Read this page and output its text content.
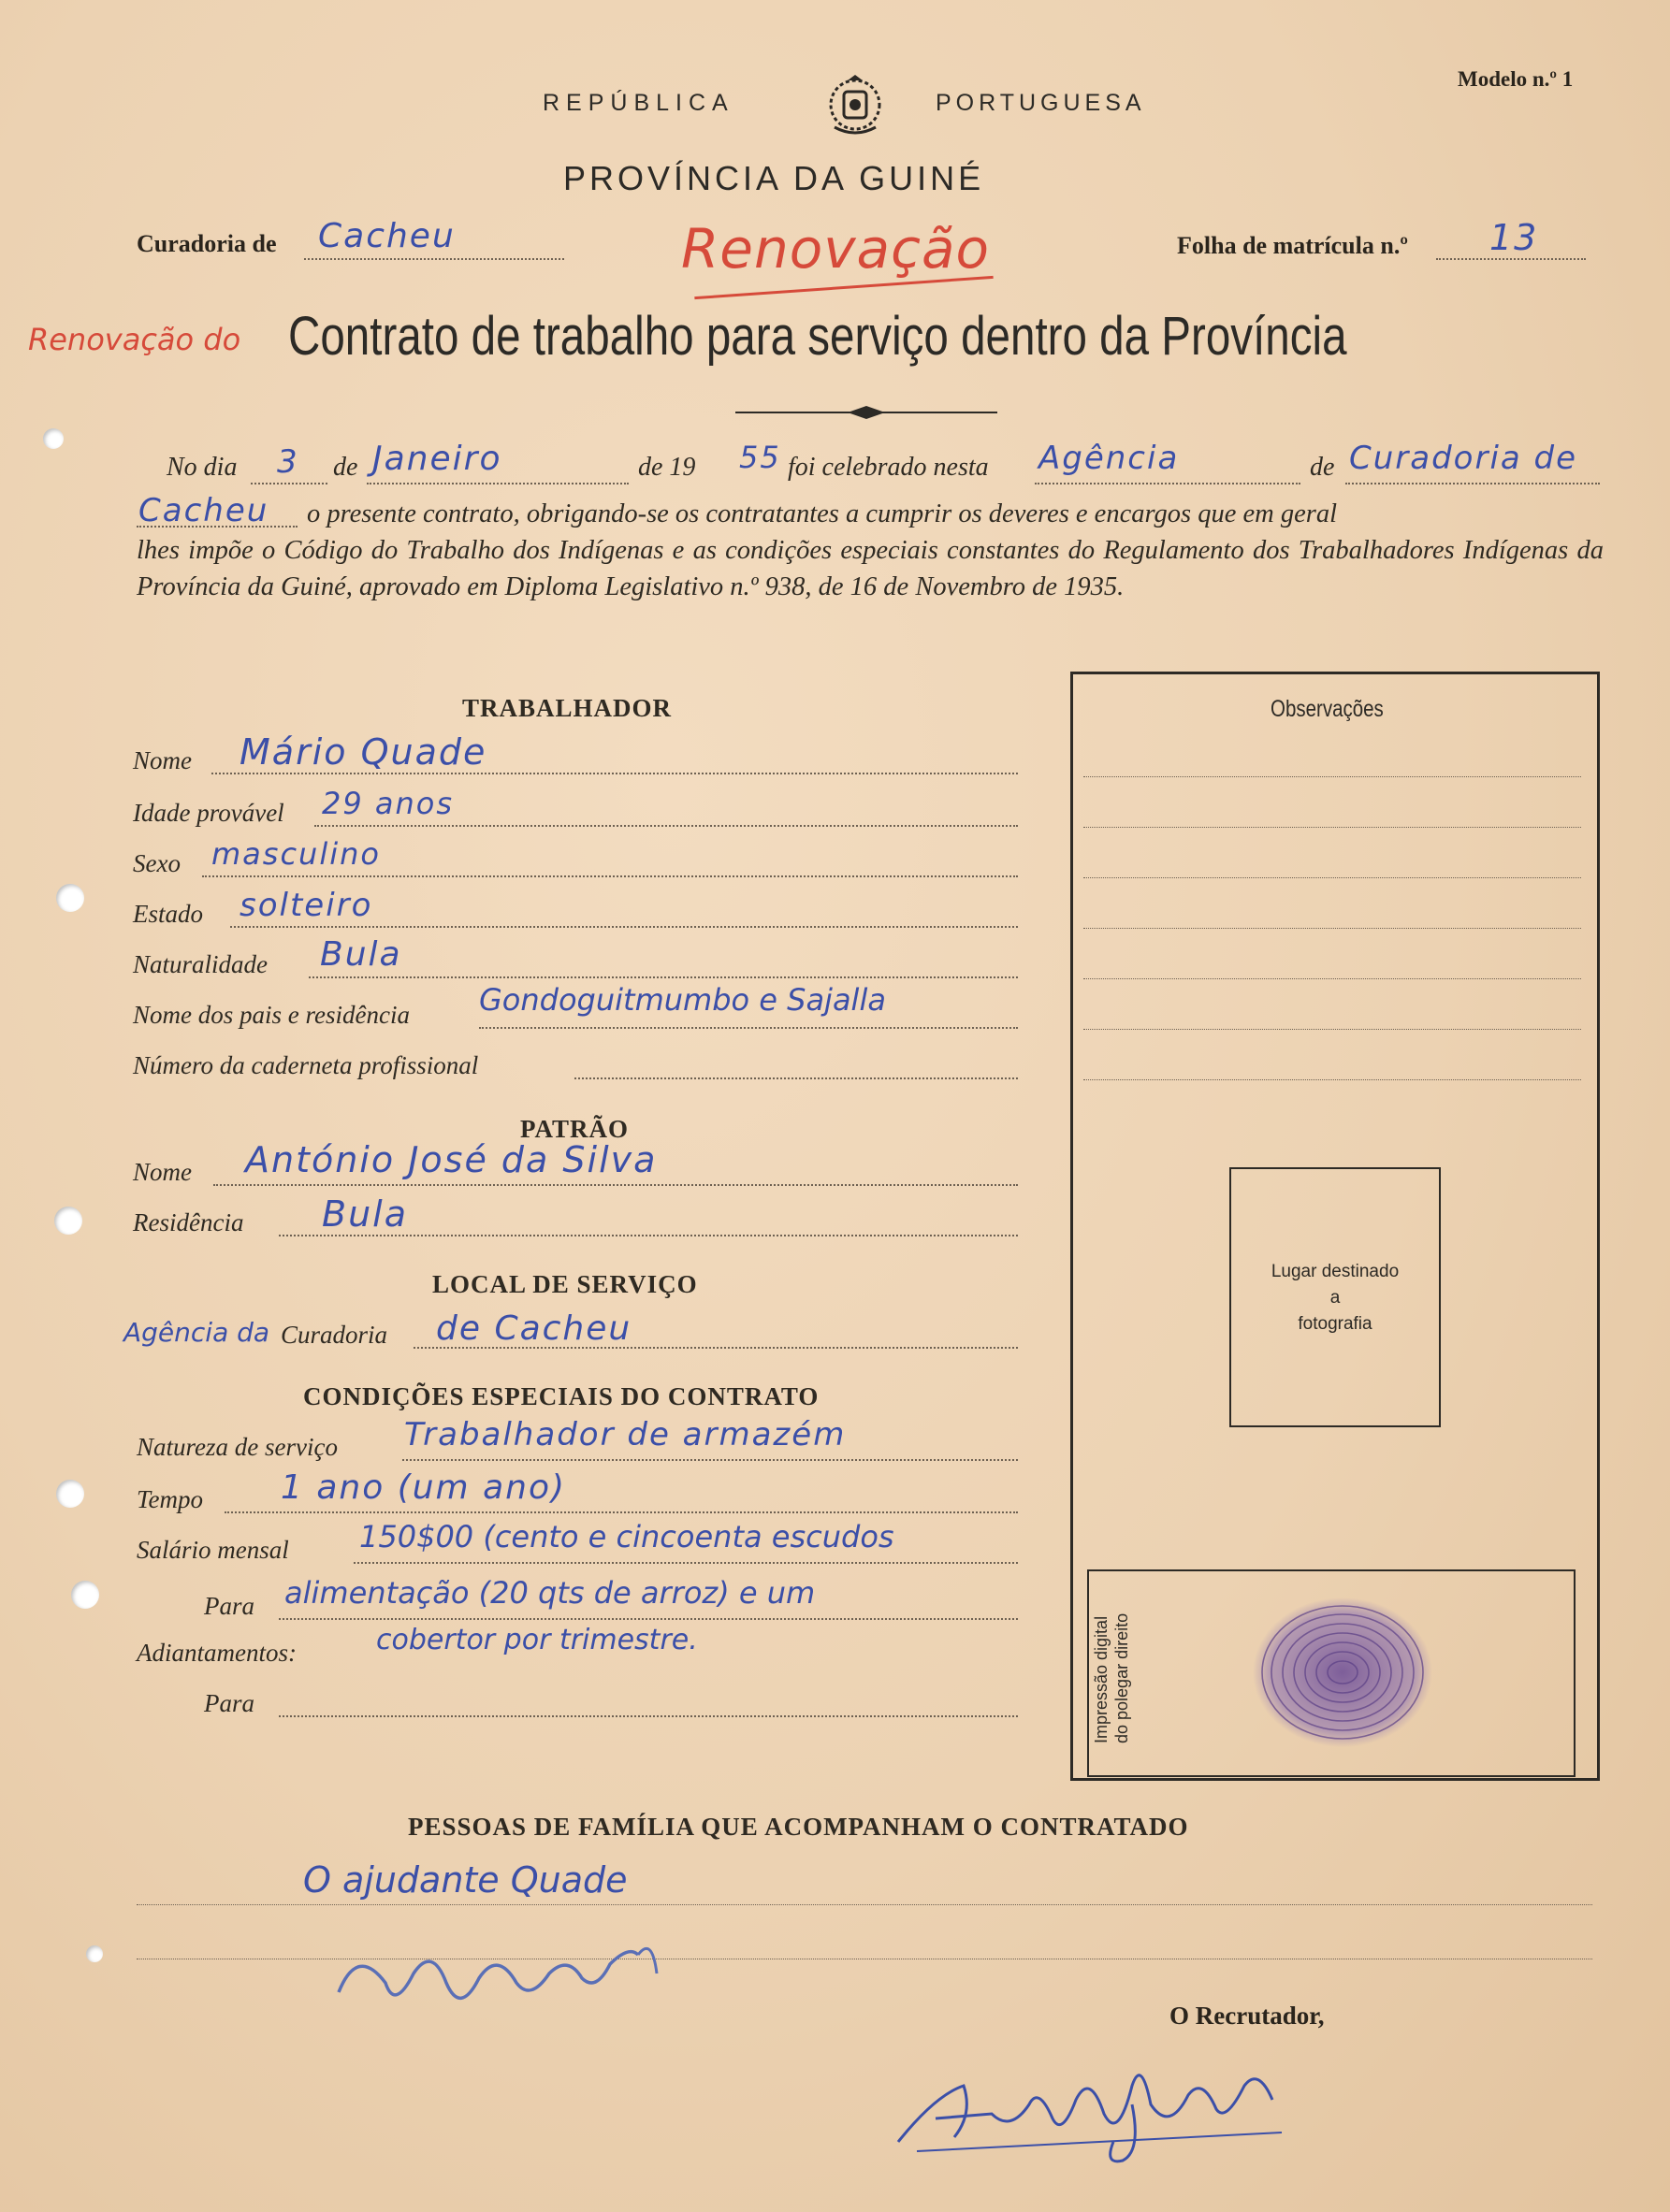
Modelo n.º 1
REPÚBLICA	PORTUGUESA
PROVÍNCIA DA GUINÉ
Curadoria de Cacheu	Renovação	Folha de matrícula n.º 13
Renovação do Contrato de trabalho para serviço dentro da Província
No dia 3 de Janeiro	de 19 55 foi celebrado nesta Agência	de Curadoria de
Cacheu o presente contrato, obrigando-se os contratantes a cumprir os deveres e encargos que em geral
lhes impõe o Código do Trabalho dos Indígenas e as condições especiais constantes do Regulamento dos Trabalhadores Indígenas da Província da Guiné, aprovado em Diploma Legislativo n.º 938, de 16 de Novembro de 1935.
Observações
Lugar destinado
a
fotografia
Impressão digital do polegar direito
TRABALHADOR
Nome Mário Quade
Idade provável 29 anos
Sexo masculino
Estado solteiro
Naturalidade Bula
Nome dos pais e residência Gondoguitmumbo e Sajalla
Número da caderneta profissional
PATRÃO
Nome António José da Silva
Residência Bula
LOCAL DE SERVIÇO
Agência da Curadoria de Cacheu
CONDIÇÕES ESPECIAIS DO CONTRATO
Natureza de serviço Trabalhador de armazém
Tempo 1 ano (um ano)
Salário mensal 150$00 (cento e cincoenta escudos
Para alimentação (20 qts de arroz) e um
Adiantamentos:	cobertor por trimestre.
Para
PESSOAS DE FAMÍLIA QUE ACOMPANHAM O CONTRATADO
O ajudante Quade
O Recrutador,
